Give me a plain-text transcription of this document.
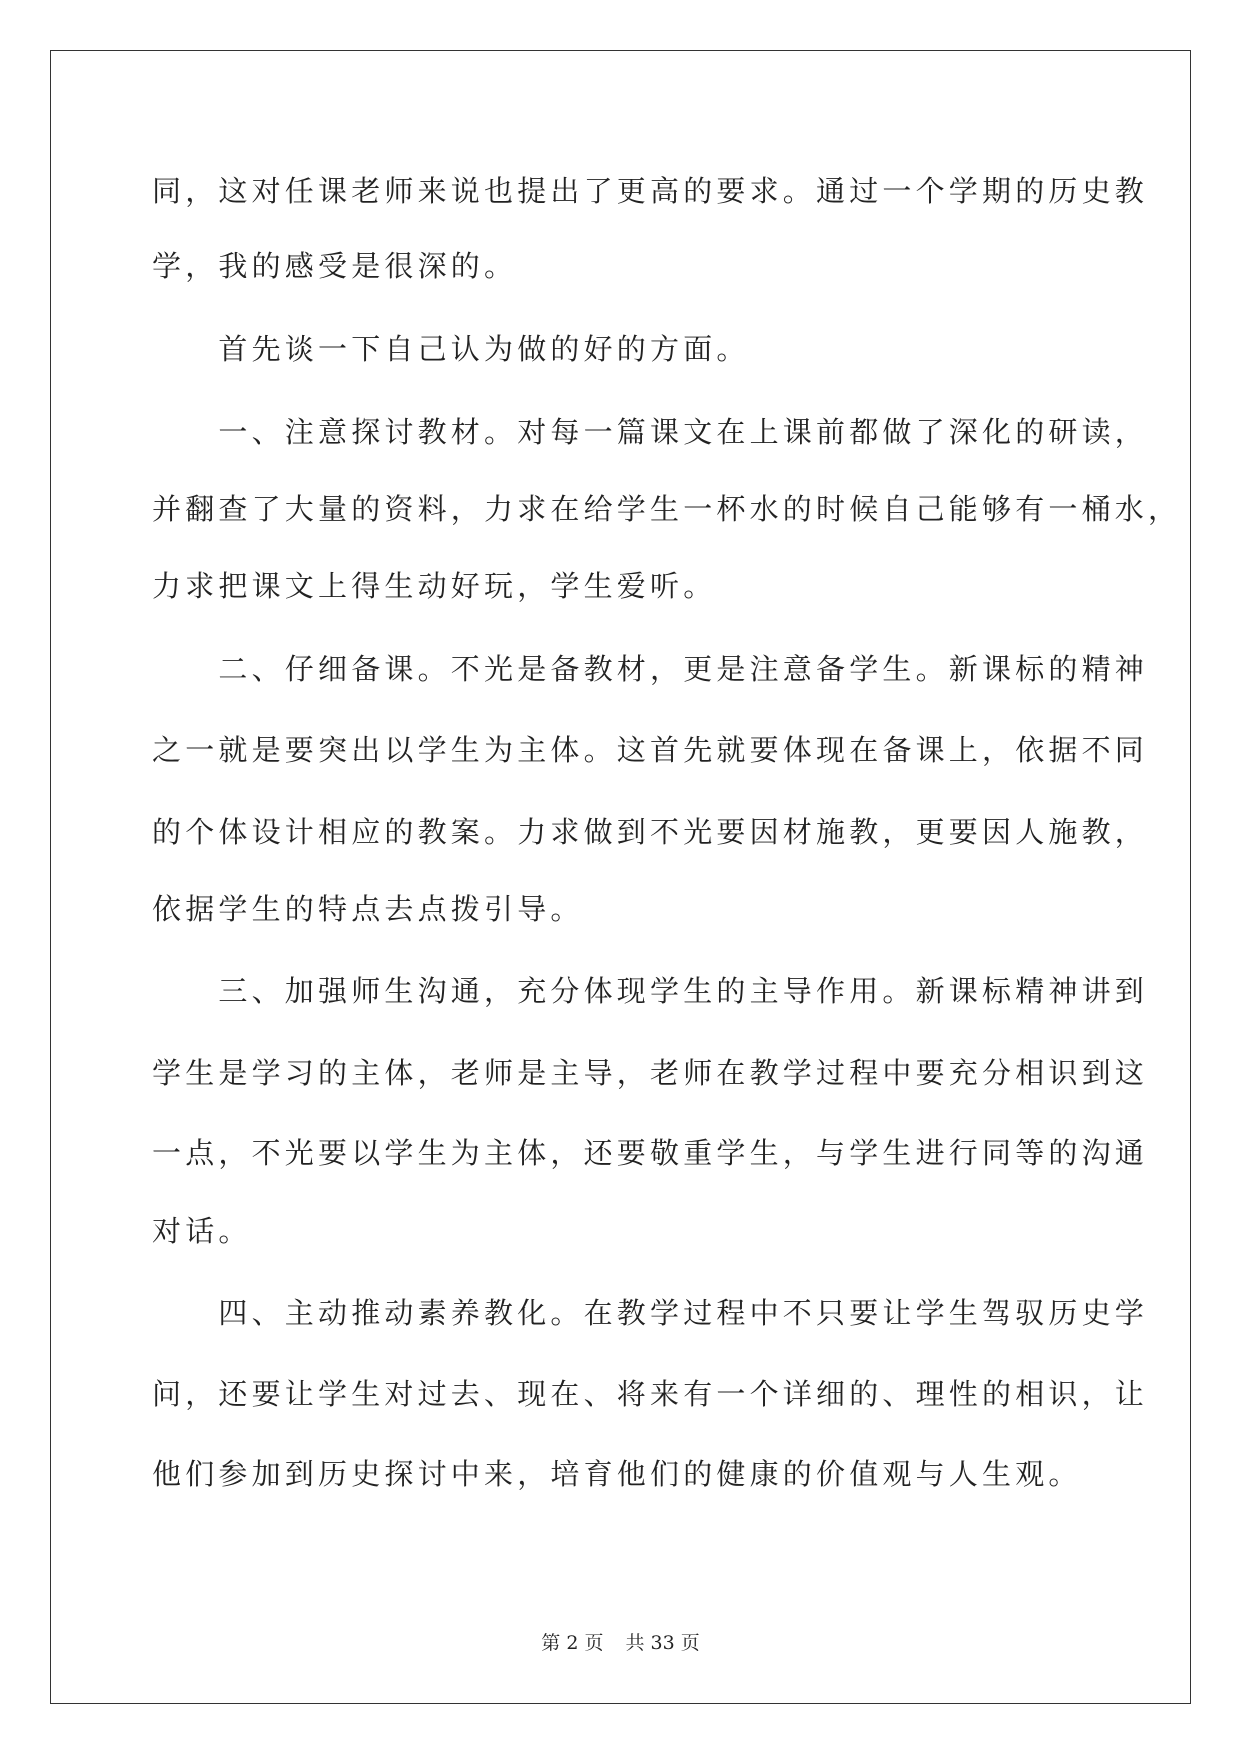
同，这对任课老师来说也提出了更高的要求。通过一个学期的历史教
学，我的感受是很深的。
　　首先谈一下自己认为做的好的方面。
　　一、注意探讨教材。对每一篇课文在上课前都做了深化的研读，
并翻查了大量的资料，力求在给学生一杯水的时候自己能够有一桶水，
力求把课文上得生动好玩，学生爱听。
　　二、仔细备课。不光是备教材，更是注意备学生。新课标的精神
之一就是要突出以学生为主体。这首先就要体现在备课上，依据不同
的个体设计相应的教案。力求做到不光要因材施教，更要因人施教，
依据学生的特点去点拨引导。
　　三、加强师生沟通，充分体现学生的主导作用。新课标精神讲到
学生是学习的主体，老师是主导，老师在教学过程中要充分相识到这
一点，不光要以学生为主体，还要敬重学生，与学生进行同等的沟通
对话。
　　四、主动推动素养教化。在教学过程中不只要让学生驾驭历史学
问，还要让学生对过去、现在、将来有一个详细的、理性的相识，让
他们参加到历史探讨中来，培育他们的健康的价值观与人生观。
第 2 页 共 33 页
